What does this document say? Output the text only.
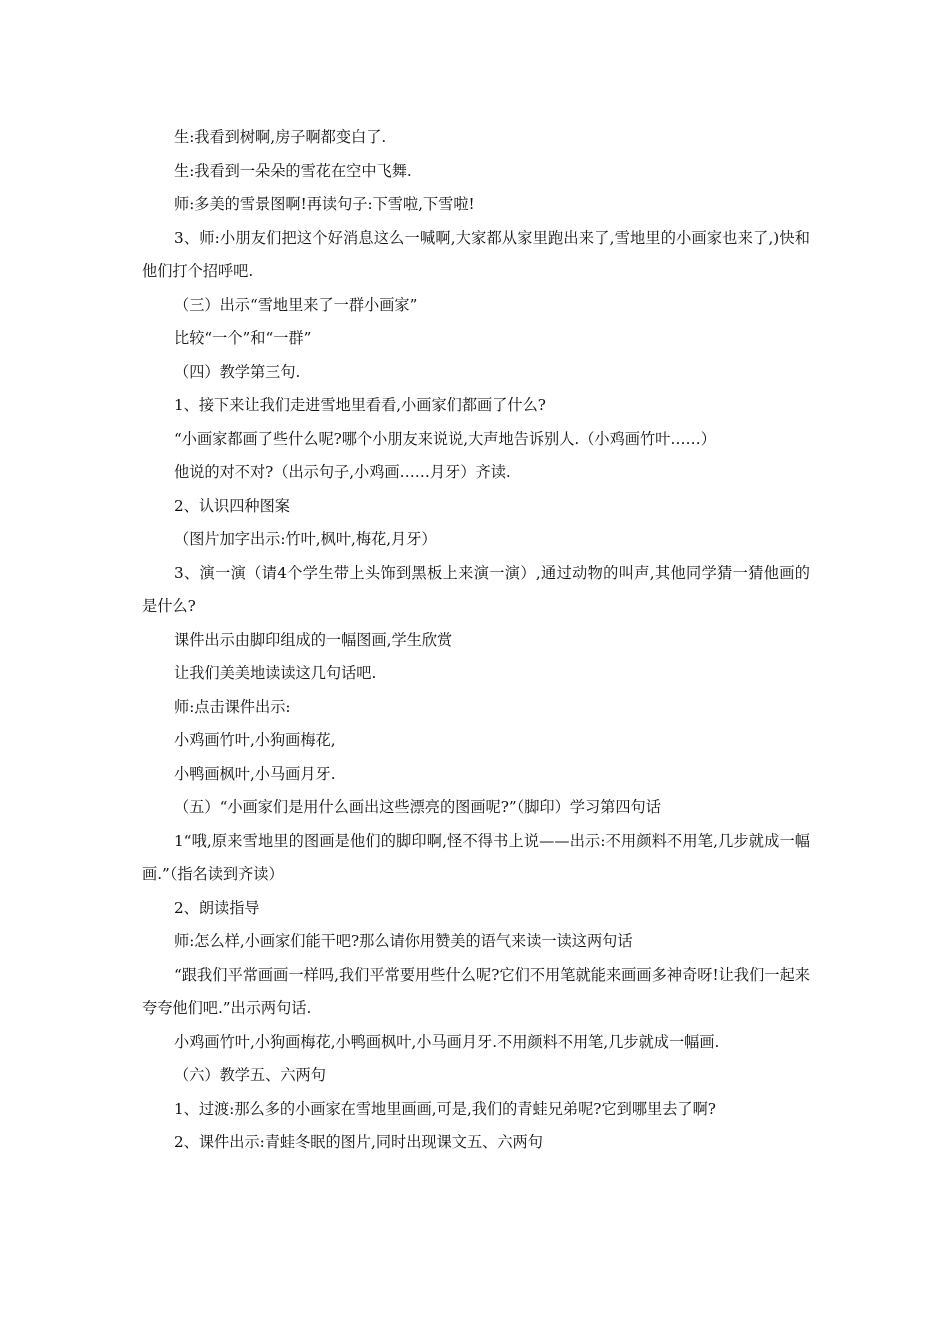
生:我看到树啊,房子啊都变白了.

生:我看到一朵朵的雪花在空中飞舞.

师:多美的雪景图啊!再读句子:下雪啦,下雪啦!

3、师:小朋友们把这个好消息这么一喊啊,大家都从家里跑出来了,雪地里的小画家也来了,)快和他们打个招呼吧.

（三）出示“雪地里来了一群小画家”

比较“一个”和“一群”

（四）教学第三句.

1、接下来让我们走进雪地里看看,小画家们都画了什么?

“小画家都画了些什么呢?哪个小朋友来说说,大声地告诉别人.（小鸡画竹叶……）

他说的对不对?（出示句子,小鸡画……月牙）齐读.

2、认识四种图案

（图片加字出示:竹叶,枫叶,梅花,月牙）

3、演一演（请4个学生带上头饰到黑板上来演一演）,通过动物的叫声,其他同学猜一猜他画的是什么?

课件出示由脚印组成的一幅图画,学生欣赏

让我们美美地读读这几句话吧.

师:点击课件出示:

小鸡画竹叶,小狗画梅花,

小鸭画枫叶,小马画月牙.

（五）“小画家们是用什么画出这些漂亮的图画呢?”（脚印）学习第四句话

1“哦,原来雪地里的图画是他们的脚印啊,怪不得书上说——出示:不用颜料不用笔,几步就成一幅画.”（指名读到齐读）

2、朗读指导

师:怎么样,小画家们能干吧?那么请你用赞美的语气来读一读这两句话

“跟我们平常画画一样吗,我们平常要用些什么呢?它们不用笔就能来画画多神奇呀!让我们一起来夸夸他们吧.”出示两句话.

小鸡画竹叶,小狗画梅花,小鸭画枫叶,小马画月牙.不用颜料不用笔,几步就成一幅画.

（六）教学五、六两句

1、过渡:那么多的小画家在雪地里画画,可是,我们的青蛙兄弟呢?它到哪里去了啊?

2、课件出示:青蛙冬眠的图片,同时出现课文五、六两句
